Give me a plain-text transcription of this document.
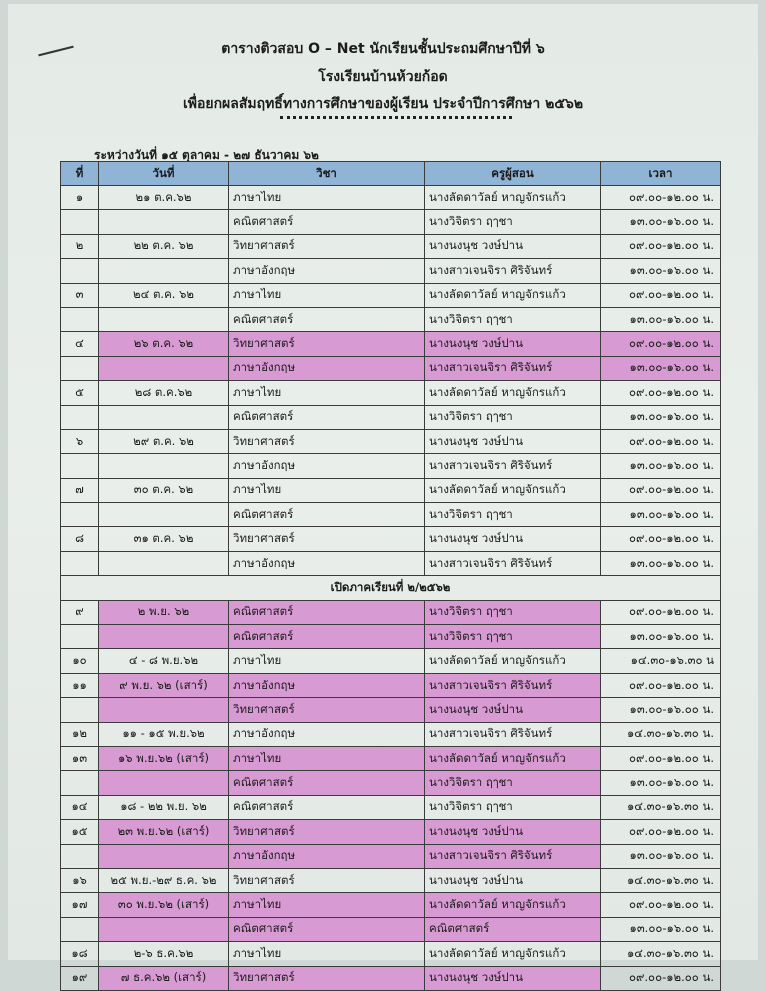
ตารางติวสอบ O – Net นักเรียนชั้นประถมศึกษาปีที่ ๖
โรงเรียนบ้านห้วยก้อด
เพื่อยกผลสัมฤทธิ์ทางการศึกษาของผู้เรียน ประจำปีการศึกษา ๒๕๖๒
ระหว่างวันที่ ๑๕ ตุลาคม - ๒๗ ธันวาคม ๖๒
ที่	วันที่	วิชา	ครูผู้สอน	เวลา
๑	๒๑ ต.ค.๖๒	ภาษาไทย	นางลัดดาวัลย์ หาญจักรแก้ว	๐๙.๐๐-๑๒.๐๐ น.
		คณิตศาสตร์	นางวิจิตรา ฤๅชา	๑๓.๐๐-๑๖.๐๐ น.
๒	๒๒ ต.ค. ๖๒	วิทยาศาสตร์	นางนงนุช วงษ์ปาน	๐๙.๐๐-๑๒.๐๐ น.
		ภาษาอังกฤษ	นางสาวเจนจิรา ศิริจันทร์	๑๓.๐๐-๑๖.๐๐ น.
๓	๒๔ ต.ค. ๖๒	ภาษาไทย	นางลัดดาวัลย์ หาญจักรแก้ว	๐๙.๐๐-๑๒.๐๐ น.
		คณิตศาสตร์	นางวิจิตรา ฤๅชา	๑๓.๐๐-๑๖.๐๐ น.
๔	๒๖ ต.ค. ๖๒	วิทยาศาสตร์	นางนงนุช วงษ์ปาน	๐๙.๐๐-๑๒.๐๐ น.
		ภาษาอังกฤษ	นางสาวเจนจิรา ศิริจันทร์	๑๓.๐๐-๑๖.๐๐ น.
๕	๒๘ ต.ค.๖๒	ภาษาไทย	นางลัดดาวัลย์ หาญจักรแก้ว	๐๙.๐๐-๑๒.๐๐ น.
		คณิตศาสตร์	นางวิจิตรา ฤๅชา	๑๓.๐๐-๑๖.๐๐ น.
๖	๒๙ ต.ค. ๖๒	วิทยาศาสตร์	นางนงนุช วงษ์ปาน	๐๙.๐๐-๑๒.๐๐ น.
		ภาษาอังกฤษ	นางสาวเจนจิรา ศิริจันทร์	๑๓.๐๐-๑๖.๐๐ น.
๗	๓๐ ต.ค. ๖๒	ภาษาไทย	นางลัดดาวัลย์ หาญจักรแก้ว	๐๙.๐๐-๑๒.๐๐ น.
		คณิตศาสตร์	นางวิจิตรา ฤๅชา	๑๓.๐๐-๑๖.๐๐ น.
๘	๓๑ ต.ค. ๖๒	วิทยาศาสตร์	นางนงนุช วงษ์ปาน	๐๙.๐๐-๑๒.๐๐ น.
		ภาษาอังกฤษ	นางสาวเจนจิรา ศิริจันทร์	๑๓.๐๐-๑๖.๐๐ น.
เปิดภาคเรียนที่ ๒/๒๕๖๒				
๙	๒ พ.ย. ๖๒	คณิตศาสตร์	นางวิจิตรา ฤๅชา	๐๙.๐๐-๑๒.๐๐ น.
		คณิตศาสตร์	นางวิจิตรา ฤๅชา	๑๓.๐๐-๑๖.๐๐ น.
๑๐	๔ - ๘ พ.ย.๖๒	ภาษาไทย	นางลัดดาวัลย์ หาญจักรแก้ว	๑๔.๓๐-๑๖.๓๐ น
๑๑	๙ พ.ย. ๖๒ (เสาร์)	ภาษาอังกฤษ	นางสาวเจนจิรา ศิริจันทร์	๐๙.๐๐-๑๒.๐๐ น.
		วิทยาศาสตร์	นางนงนุช วงษ์ปาน	๑๓.๐๐-๑๖.๐๐ น.
๑๒	๑๑ - ๑๕ พ.ย.๖๒	ภาษาอังกฤษ	นางสาวเจนจิรา ศิริจันทร์	๑๔.๓๐-๑๖.๓๐ น.
๑๓	๑๖ พ.ย.๖๒ (เสาร์)	ภาษาไทย	นางลัดดาวัลย์ หาญจักรแก้ว	๐๙.๐๐-๑๒.๐๐ น.
		คณิตศาสตร์	นางวิจิตรา ฤๅชา	๑๓.๐๐-๑๖.๐๐ น.
๑๔	๑๘ - ๒๒ พ.ย. ๖๒	คณิตศาสตร์	นางวิจิตรา ฤๅชา	๑๔.๓๐-๑๖.๓๐ น.
๑๕	๒๓ พ.ย.๖๒ (เสาร์)	วิทยาศาสตร์	นางนงนุช วงษ์ปาน	๐๙.๐๐-๑๒.๐๐ น.
		ภาษาอังกฤษ	นางสาวเจนจิรา ศิริจันทร์	๑๓.๐๐-๑๖.๐๐ น.
๑๖	๒๕ พ.ย.-๒๙ ธ.ค. ๖๒	วิทยาศาสตร์	นางนงนุช วงษ์ปาน	๑๔.๓๐-๑๖.๓๐ น.
๑๗	๓๐ พ.ย.๖๒ (เสาร์)	ภาษาไทย	นางลัดดาวัลย์ หาญจักรแก้ว	๐๙.๐๐-๑๒.๐๐ น.
		คณิตศาสตร์	คณิตศาสตร์	๑๓.๐๐-๑๖.๐๐ น.
๑๘	๒-๖ ธ.ค.๖๒	ภาษาไทย	นางลัดดาวัลย์ หาญจักรแก้ว	๑๔.๓๐-๑๖.๓๐ น.
๑๙	๗ ธ.ค.๖๒ (เสาร์)	วิทยาศาสตร์	นางนงนุช วงษ์ปาน	๐๙.๐๐-๑๒.๐๐ น.
